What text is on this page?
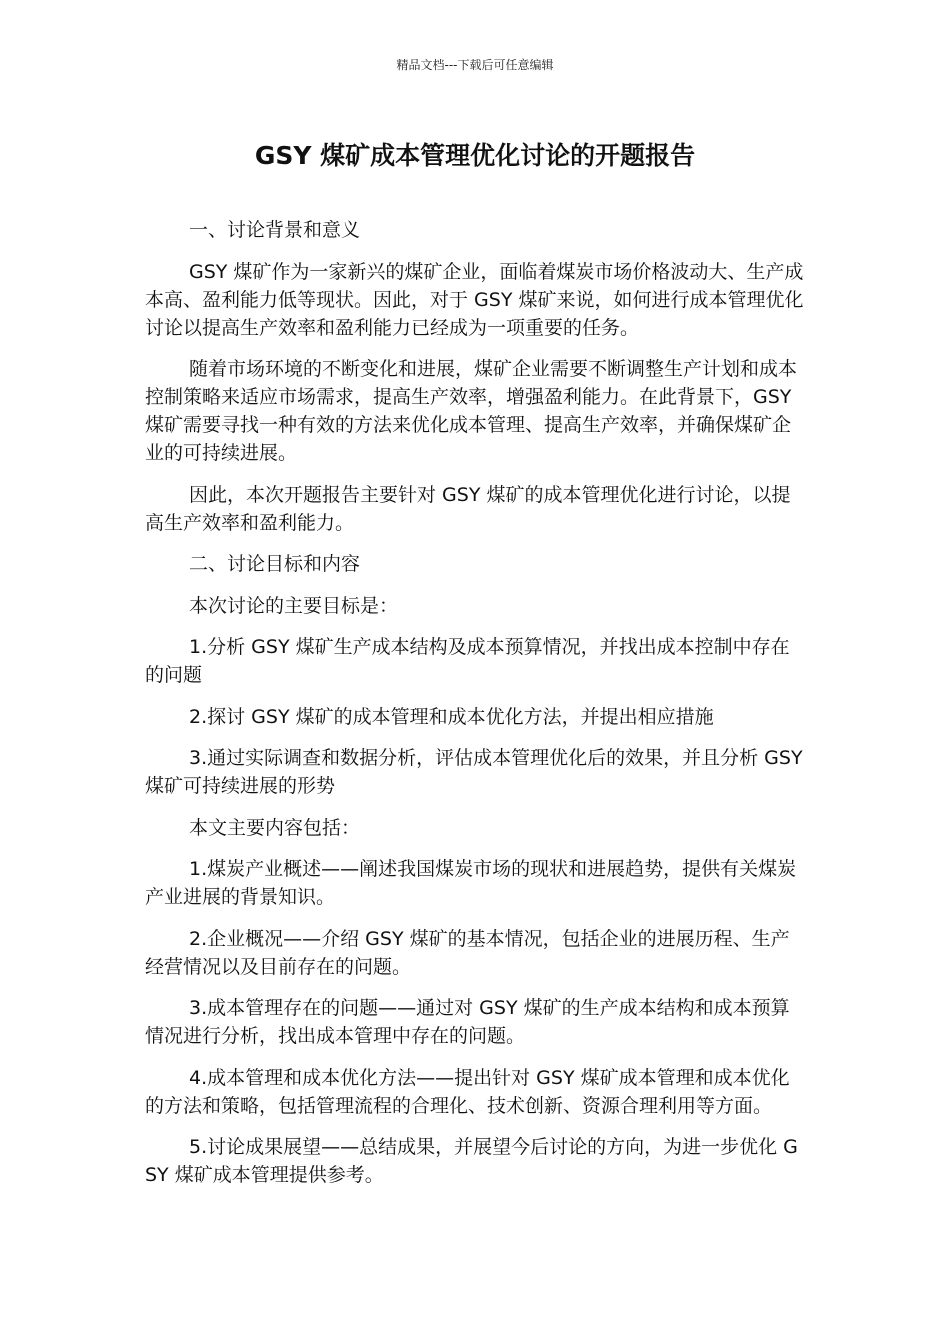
精品文档---下载后可任意编辑
GSY 煤矿成本管理优化讨论的开题报告

一、讨论背景和意义

GSY 煤矿作为一家新兴的煤矿企业，面临着煤炭市场价格波动大、生产成本高、盈利能力低等现状。因此，对于 GSY 煤矿来说，如何进行成本管理优化讨论以提高生产效率和盈利能力已经成为一项重要的任务。

随着市场环境的不断变化和进展，煤矿企业需要不断调整生产计划和成本控制策略来适应市场需求，提高生产效率，增强盈利能力。在此背景下，GSY 煤矿需要寻找一种有效的方法来优化成本管理、提高生产效率，并确保煤矿企业的可持续进展。

因此，本次开题报告主要针对 GSY 煤矿的成本管理优化进行讨论，以提高生产效率和盈利能力。

二、讨论目标和内容

本次讨论的主要目标是：

1.分析 GSY 煤矿生产成本结构及成本预算情况，并找出成本控制中存在的问题

2.探讨 GSY 煤矿的成本管理和成本优化方法，并提出相应措施

3.通过实际调查和数据分析，评估成本管理优化后的效果，并且分析 GSY 煤矿可持续进展的形势

本文主要内容包括：

1.煤炭产业概述——阐述我国煤炭市场的现状和进展趋势，提供有关煤炭产业进展的背景知识。

2.企业概况——介绍 GSY 煤矿的基本情况，包括企业的进展历程、生产经营情况以及目前存在的问题。

3.成本管理存在的问题——通过对 GSY 煤矿的生产成本结构和成本预算情况进行分析，找出成本管理中存在的问题。

4.成本管理和成本优化方法——提出针对 GSY 煤矿成本管理和成本优化的方法和策略，包括管理流程的合理化、技术创新、资源合理利用等方面。

5.讨论成果展望——总结成果，并展望今后讨论的方向，为进一步优化 GSY 煤矿成本管理提供参考。
